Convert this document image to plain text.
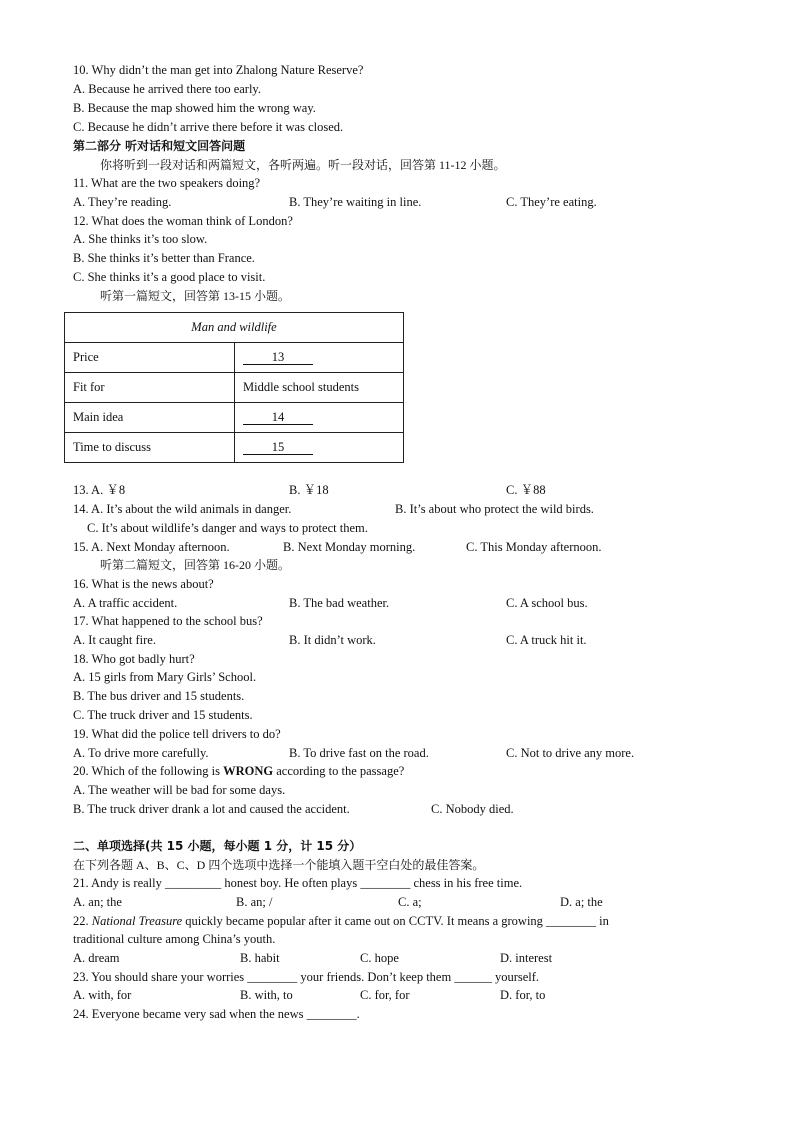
10. Why didn’t the man get into Zhalong Nature Reserve?
A. Because he arrived there too early.
B. Because the map showed him the wrong way.
C. Because he didn’t arrive there before it was closed.
第二部分 听对话和短文回答问题
你将听到一段对话和两篇短文，各听两遍。听一段对话，回答第 11-12 小题。
11. What are the two speakers doing?
A. They’re reading.	B. They’re waiting in line.	C. They’re eating.
12. What does the woman think of London?
A. She thinks it’s too slow.
B. She thinks it’s better than France.
C. She thinks it’s a good place to visit.
听第一篇短文，回答第 13-15 小题。
Man and wildlife	
Price	13
Fit for	Middle school students
Main idea	14
Time to discuss	15
13. A. ￥8	B. ￥18	C. ￥88
14. A. It’s about the wild animals in danger.	B. It’s about who protect the wild birds.
C. It’s about wildlife’s danger and ways to protect them.
15. A. Next Monday afternoon.	B. Next Monday morning.	C. This Monday afternoon.
听第二篇短文，回答第 16-20 小题。
16. What is the news about?
A. A traffic accident.	B. The bad weather.	C. A school bus.
17. What happened to the school bus?
A. It caught fire.	B. It didn’t work.	C. A truck hit it.
18. Who got badly hurt?
A. 15 girls from Mary Girls’ School.
B. The bus driver and 15 students.
C. The truck driver and 15 students.
19. What did the police tell drivers to do?
A. To drive more carefully.	B. To drive fast on the road.	C. Not to drive any more.
20. Which of the following is WRONG according to the passage?
A. The weather will be bad for some days.
B. The truck driver drank a lot and caused the accident.	C. Nobody died.
二、单项选择(共 15 小题，每小题 1 分，计 15 分）
在下列各题 A、B、C、D 四个选项中选择一个能填入题干空白处的最佳答案。
21. Andy is really _________ honest boy. He often plays ________ chess in his free time.
A. an; the	B. an; /	C. a;	D. a; the
22. National Treasure quickly became popular after it came out on CCTV. It means a growing ________ in
traditional culture among China’s youth.
A. dream	B. habit	C. hope	D. interest
23. You should share your worries ________ your friends. Don’t keep them ______ yourself.
A. with, for	B. with, to	C. for, for	D. for, to
24. Everyone became very sad when the news ________.
